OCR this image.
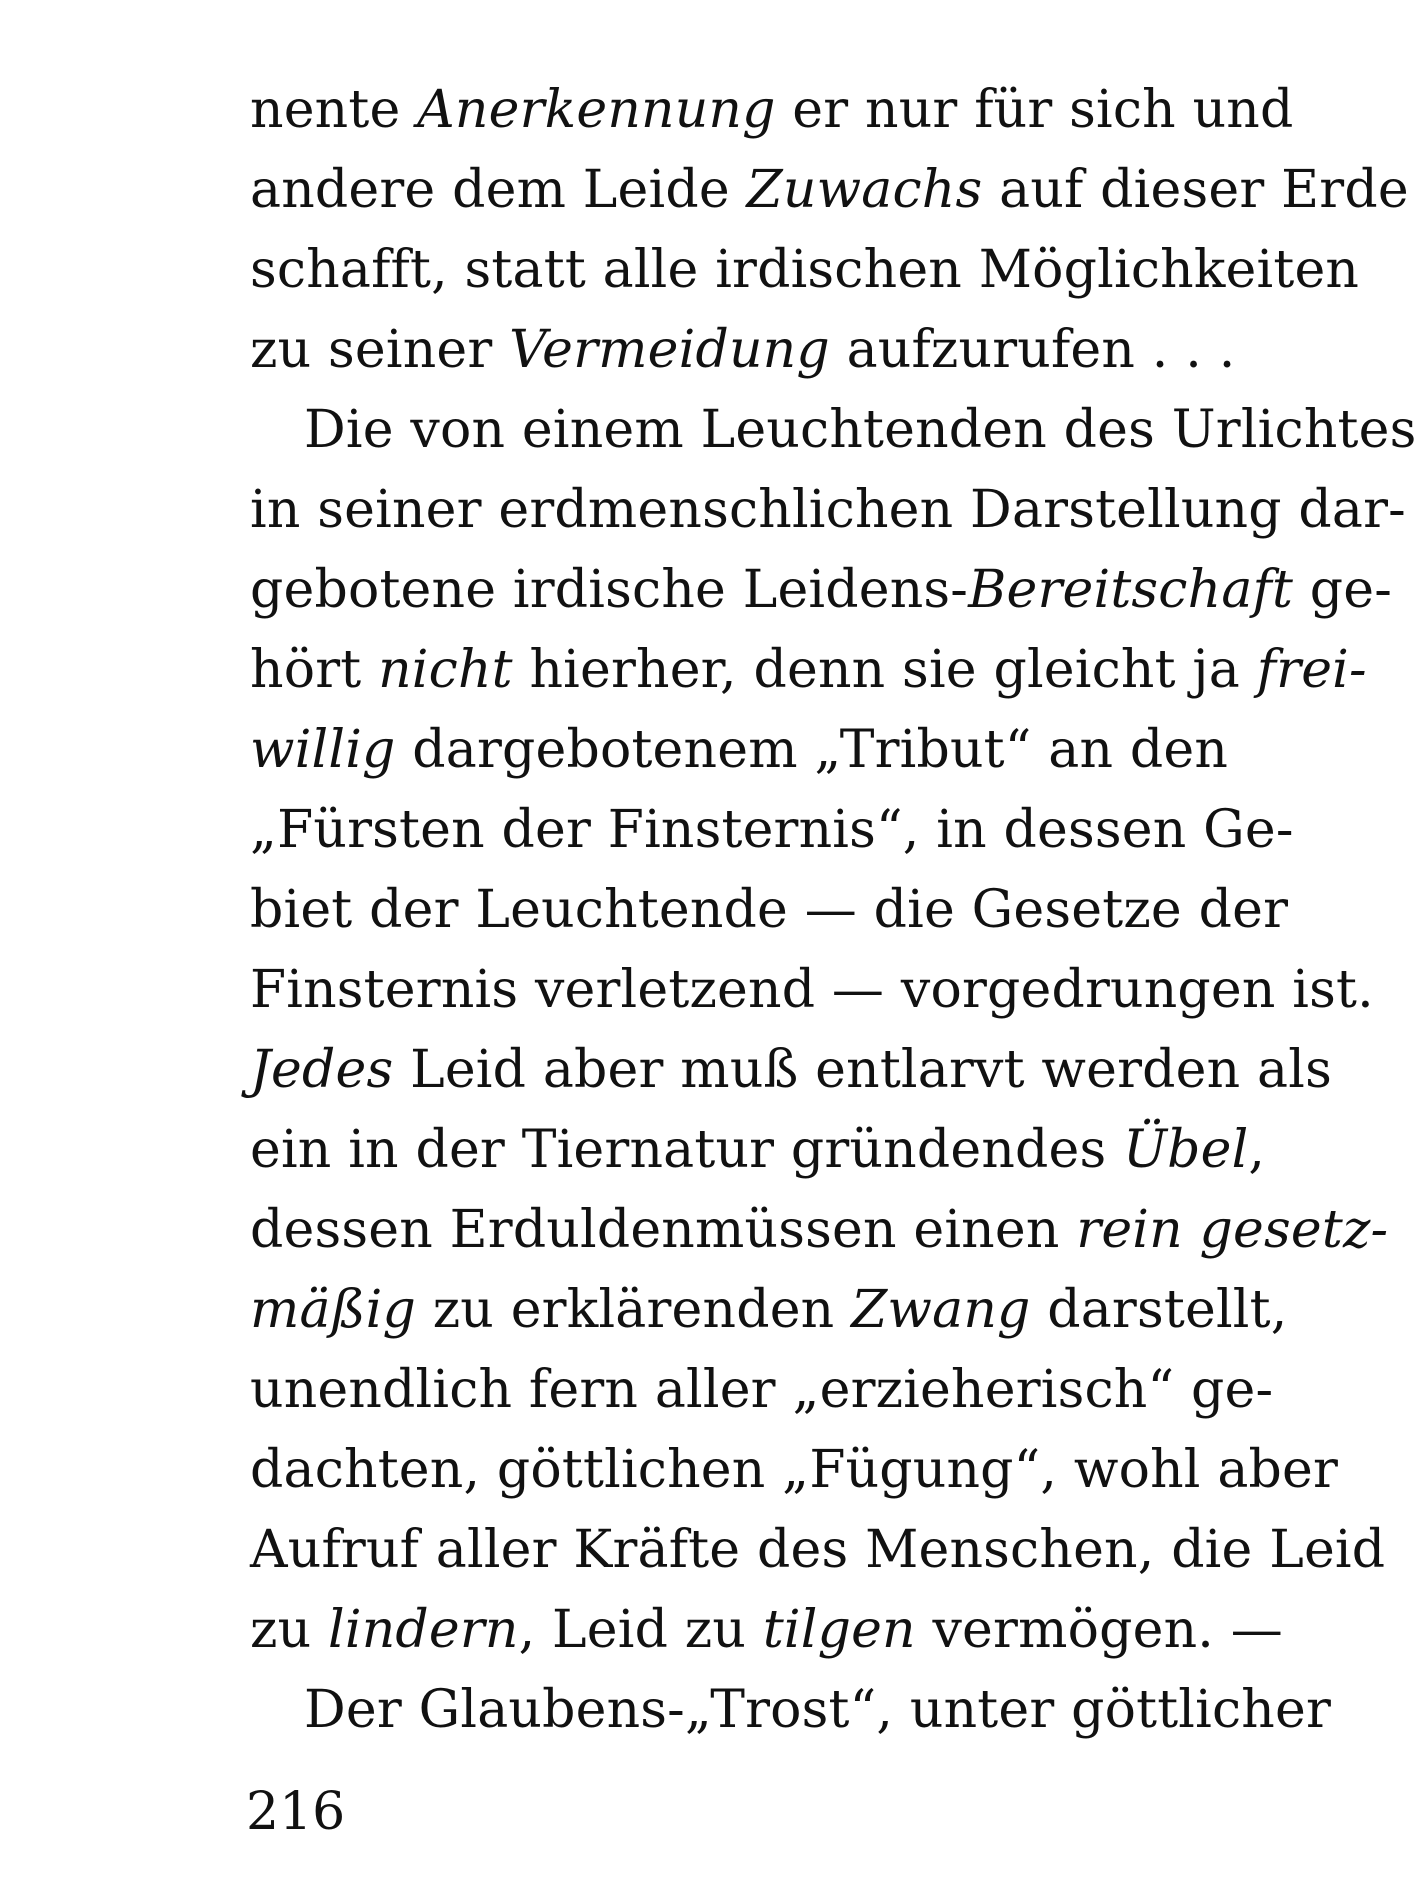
nente Anerkennung er nur für sich und
andere dem Leide Zuwachs auf dieser Erde
schafft, statt alle irdischen Möglichkeiten
zu seiner Vermeidung aufzurufen . . .
Die von einem Leuchtenden des Urlichtes
in seiner erdmenschlichen Darstellung dar-
gebotene irdische Leidens-Bereitschaft ge-
hört nicht hierher, denn sie gleicht ja frei-
willig dargebotenem „Tribut“ an den
„Fürsten der Finsternis“, in dessen Ge-
biet der Leuchtende — die Gesetze der
Finsternis verletzend — vorgedrungen ist.
Jedes Leid aber muß entlarvt werden als
ein in der Tiernatur gründendes Übel,
dessen Erduldenmüssen einen rein gesetz-
mäßig zu erklärenden Zwang darstellt,
unendlich fern aller „erzieherisch“ ge-
dachten, göttlichen „Fügung“, wohl aber
Aufruf aller Kräfte des Menschen, die Leid
zu lindern, Leid zu tilgen vermögen. —
Der Glaubens-„Trost“, unter göttlicher
216
